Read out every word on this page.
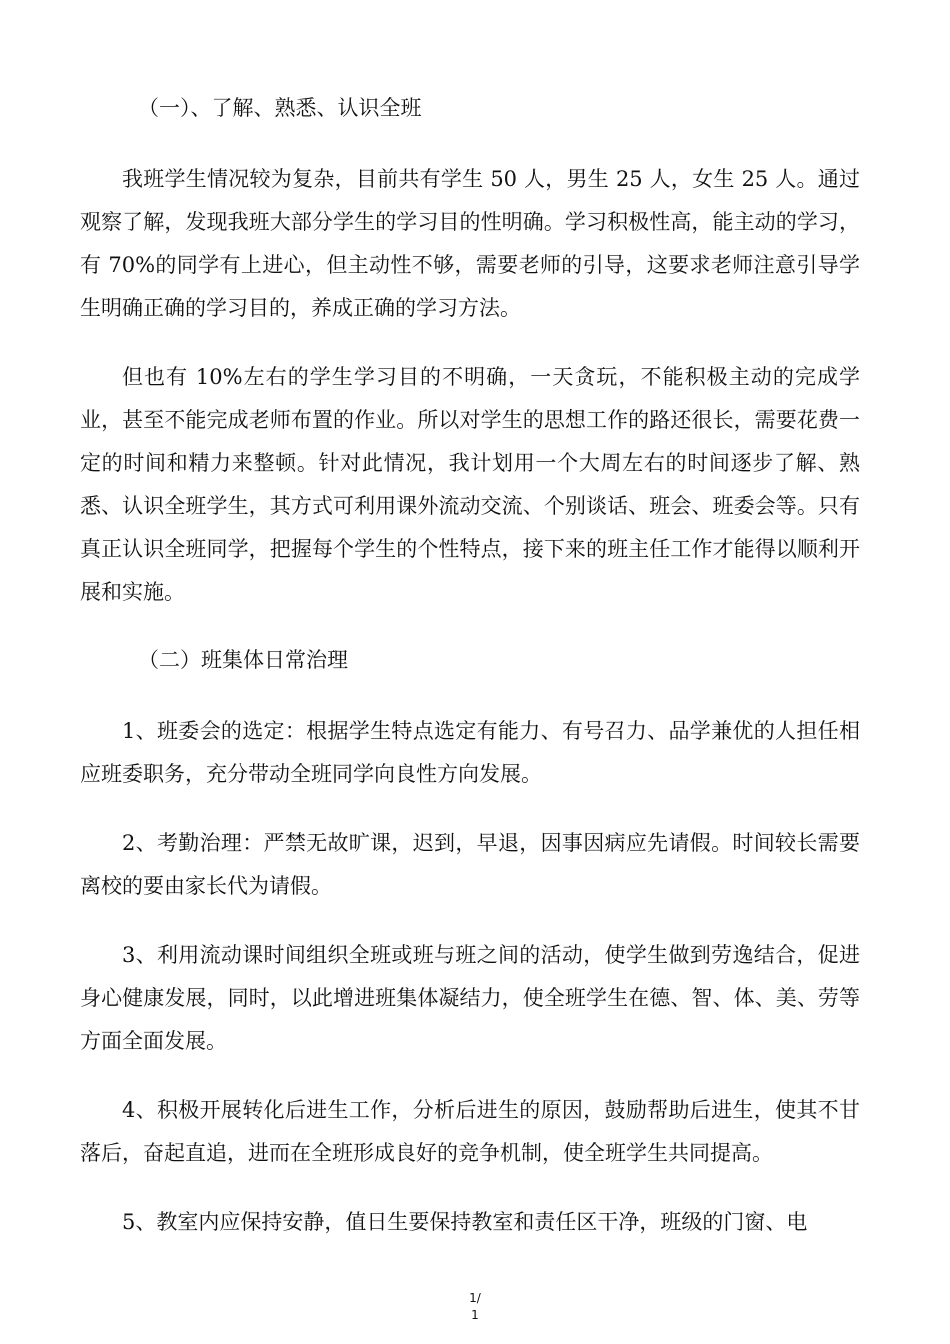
（一）、了解、熟悉、认识全班

我班学生情况较为复杂，目前共有学生 50 人，男生 25 人，女生 25 人。通过观察了解，发现我班大部分学生的学习目的性明确。学习积极性高，能主动的学习，有 70%的同学有上进心，但主动性不够，需要老师的引导，这要求老师注意引导学生明确正确的学习目的，养成正确的学习方法。

但也有 10%左右的学生学习目的不明确，一天贪玩，不能积极主动的完成学业，甚至不能完成老师布置的作业。所以对学生的思想工作的路还很长，需要花费一定的时间和精力来整顿。针对此情况，我计划用一个大周左右的时间逐步了解、熟悉、认识全班学生，其方式可利用课外流动交流、个别谈话、班会、班委会等。只有真正认识全班同学，把握每个学生的个性特点，接下来的班主任工作才能得以顺利开展和实施。

（二）班集体日常治理

1、班委会的选定：根据学生特点选定有能力、有号召力、品学兼优的人担任相应班委职务，充分带动全班同学向良性方向发展。

2、考勤治理：严禁无故旷课，迟到，早退，因事因病应先请假。时间较长需要离校的要由家长代为请假。

3、利用流动课时间组织全班或班与班之间的活动，使学生做到劳逸结合，促进身心健康发展，同时，以此增进班集体凝结力，使全班学生在德、智、体、美、劳等方面全面发展。

4、积极开展转化后进生工作，分析后进生的原因，鼓励帮助后进生，使其不甘落后，奋起直追，进而在全班形成良好的竞争机制，使全班学生共同提高。

5、教室内应保持安静，值日生要保持教室和责任区干净，班级的门窗、电

1/
1
